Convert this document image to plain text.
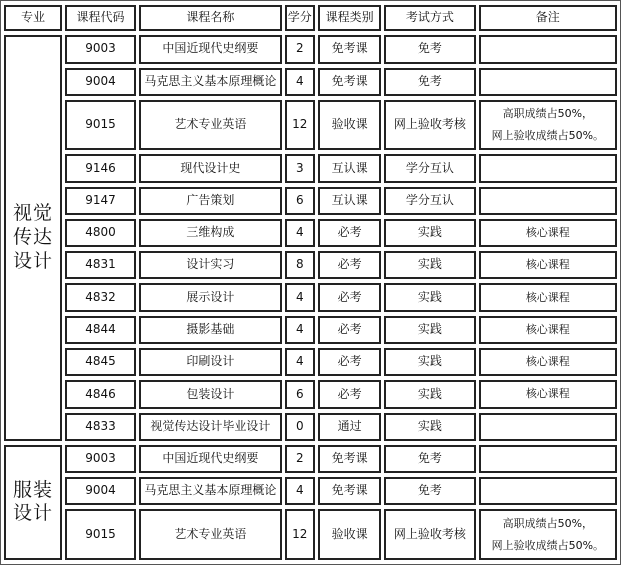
专业	课程代码	课程名称	学分	课程类别	考试方式	备注

视觉
传达
设计	9003	中国近现代史纲要	2	免考课	免考	
	9004	马克思主义基本原理概论	4	免考课	免考	
	9015	艺术专业英语	12	验收课	网上验收考核	高职成绩占50%，
网上验收成绩占50%。

	9146	现代设计史	3	互认课	学分互认	
	9147	广告策划	6	互认课	学分互认	
	4800	三维构成	4	必考	实践	核心课程

	4831	设计实习	8	必考	实践	核心课程

	4832	展示设计	4	必考	实践	核心课程

	4844	摄影基础	4	必考	实践	核心课程

	4845	印刷设计	4	必考	实践	核心课程

	4846	包装设计	6	必考	实践	核心课程

	4833	视觉传达设计毕业设计	0	通过	实践	

服装
设计	9003	中国近现代史纲要	2	免考课	免考	
	9004	马克思主义基本原理概论	4	免考课	免考	
	9015	艺术专业英语	12	验收课	网上验收考核	高职成绩占50%，
网上验收成绩占50%。
